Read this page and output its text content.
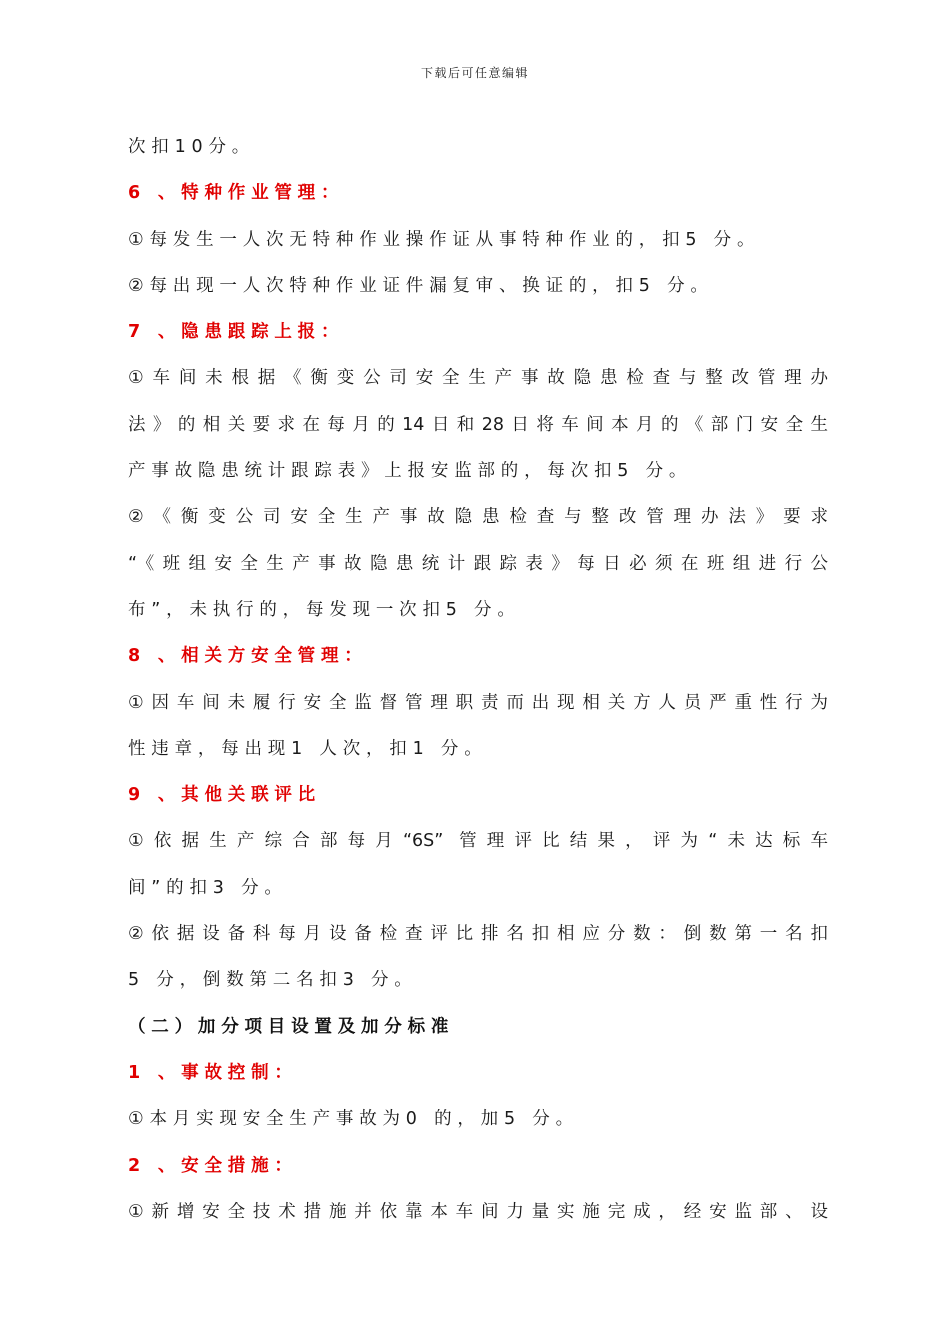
下载后可任意编辑
次扣10分。
6 、特种作业管理：
①每发生一人次无特种作业操作证从事特种作业的，扣5 分。
②每出现一人次特种作业证件漏复审、换证的，扣5 分。
7 、隐患跟踪上报：
①车间未根据《衡变公司安全生产事故隐患检查与整改管理办
法》的相关要求在每月的14日和28日将车间本月的《部门安全生
产事故隐患统计跟踪表》上报安监部的，每次扣5 分。
②《衡变公司安全生产事故隐患检查与整改管理办法》要求
“《班组安全生产事故隐患统计跟踪表》每日必须在班组进行公
布”，未执行的，每发现一次扣5 分。
8 、相关方安全管理：
①因车间未履行安全监督管理职责而出现相关方人员严重性行为
性违章，每出现1 人次，扣1 分。
9 、其他关联评比
①依据生产综合部每月“6S” 管理评比结果，评为“未达标车
间”的扣3 分。
②依据设备科每月设备检查评比排名扣相应分数：倒数第一名扣
5 分，倒数第二名扣3 分。
（二）加分项目设置及加分标准
1 、事故控制：
①本月实现安全生产事故为0 的，加5 分。
2 、安全措施：
①新增安全技术措施并依靠本车间力量实施完成，经安监部、设
